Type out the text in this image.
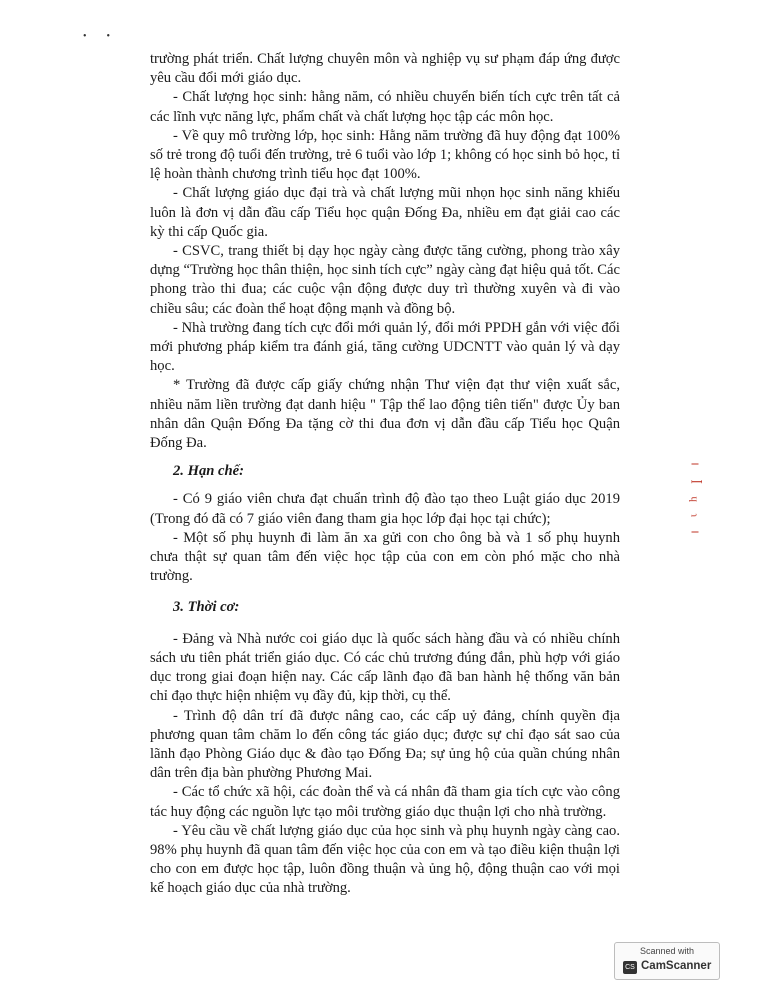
•        •

trường phát triển. Chất lượng chuyên môn và nghiệp vụ sư phạm đáp ứng được yêu cầu đổi mới giáo dục.

- Chất lượng học sinh: hằng năm, có nhiều chuyển biến tích cực trên tất cả các lĩnh vực năng lực, phẩm chất và chất lượng học tập các môn học.

- Về quy mô trường lớp, học sinh: Hằng năm trường đã huy động đạt 100% số trẻ trong độ tuổi đến trường, trẻ 6 tuổi vào lớp 1; không có học sinh bỏ học, tỉ lệ hoàn thành chương trình tiểu học đạt 100%.

- Chất lượng giáo dục đại trà và chất lượng mũi nhọn học sinh năng khiếu luôn là đơn vị dẫn đầu cấp Tiểu học quận Đống Đa, nhiều em đạt giải cao các kỳ thi cấp Quốc gia.

- CSVC, trang thiết bị dạy học ngày càng được tăng cường, phong trào xây dựng “Trường học thân thiện, học sinh tích cực” ngày càng đạt hiệu quả tốt. Các phong trào thi đua; các cuộc vận động được duy trì thường xuyên và đi vào chiều sâu; các đoàn thể hoạt động mạnh và đồng bộ.

- Nhà trường đang tích cực đổi mới quản lý, đổi mới PPDH gắn với việc đổi mới phương pháp kiểm tra đánh giá, tăng cường UDCNTT vào quản lý và dạy học.

* Trường đã được cấp giấy chứng nhận Thư viện đạt thư viện xuất sắc, nhiều năm liền trường đạt danh hiệu " Tập thể lao động tiên tiến" được Ủy ban nhân dân Quận Đống Đa tặng cờ thi đua đơn vị dẫn đầu cấp Tiểu học Quận Đống Đa.

2. Hạn chế:

- Có 9 giáo viên chưa đạt chuẩn trình độ đào tạo theo Luật giáo dục 2019 (Trong đó đã có 7 giáo viên đang tham gia học lớp đại học tại chức);

- Một số phụ huynh đi làm ăn xa gửi con cho ông bà và 1 số phụ huynh chưa thật sự quan tâm đến việc học tập của con em còn phó mặc cho nhà trường.

3. Thời cơ:

- Đảng và Nhà nước coi giáo dục là quốc sách hàng đầu và có nhiều chính sách ưu tiên phát triển giáo dục. Có các chủ trương đúng đắn, phù hợp với giáo dục trong giai đoạn hiện nay. Các cấp lãnh đạo đã ban hành hệ thống văn bản chỉ đạo thực hiện nhiệm vụ đầy đủ, kịp thời, cụ thể.

- Trình độ dân trí đã được nâng cao, các cấp uỷ đảng, chính quyền địa phương quan tâm chăm lo đến công tác giáo dục; được sự chỉ đạo sát sao của lãnh đạo Phòng Giáo dục & đào tạo Đống Đa; sự ủng hộ của quần chúng nhân dân trên địa bàn phường Phương Mai.

- Các tổ chức xã hội, các đoàn thể và cá nhân đã tham gia tích cực vào công tác huy động các nguồn lực tạo môi trường giáo dục thuận lợi cho nhà trường.

- Yêu cầu về chất lượng giáo dục của học sinh và phụ huynh ngày càng cao. 98% phụ huynh đã quan tâm đến việc học của con em và tạo điều kiện thuận lợi cho con em được học tập, luôn đồng thuận và ủng hộ, động thuận cao với mọi kế hoạch giáo dục của nhà trường.

‖
ꟾ
ɥ
ɿ
‖
Scanned with
CS CamScanner
